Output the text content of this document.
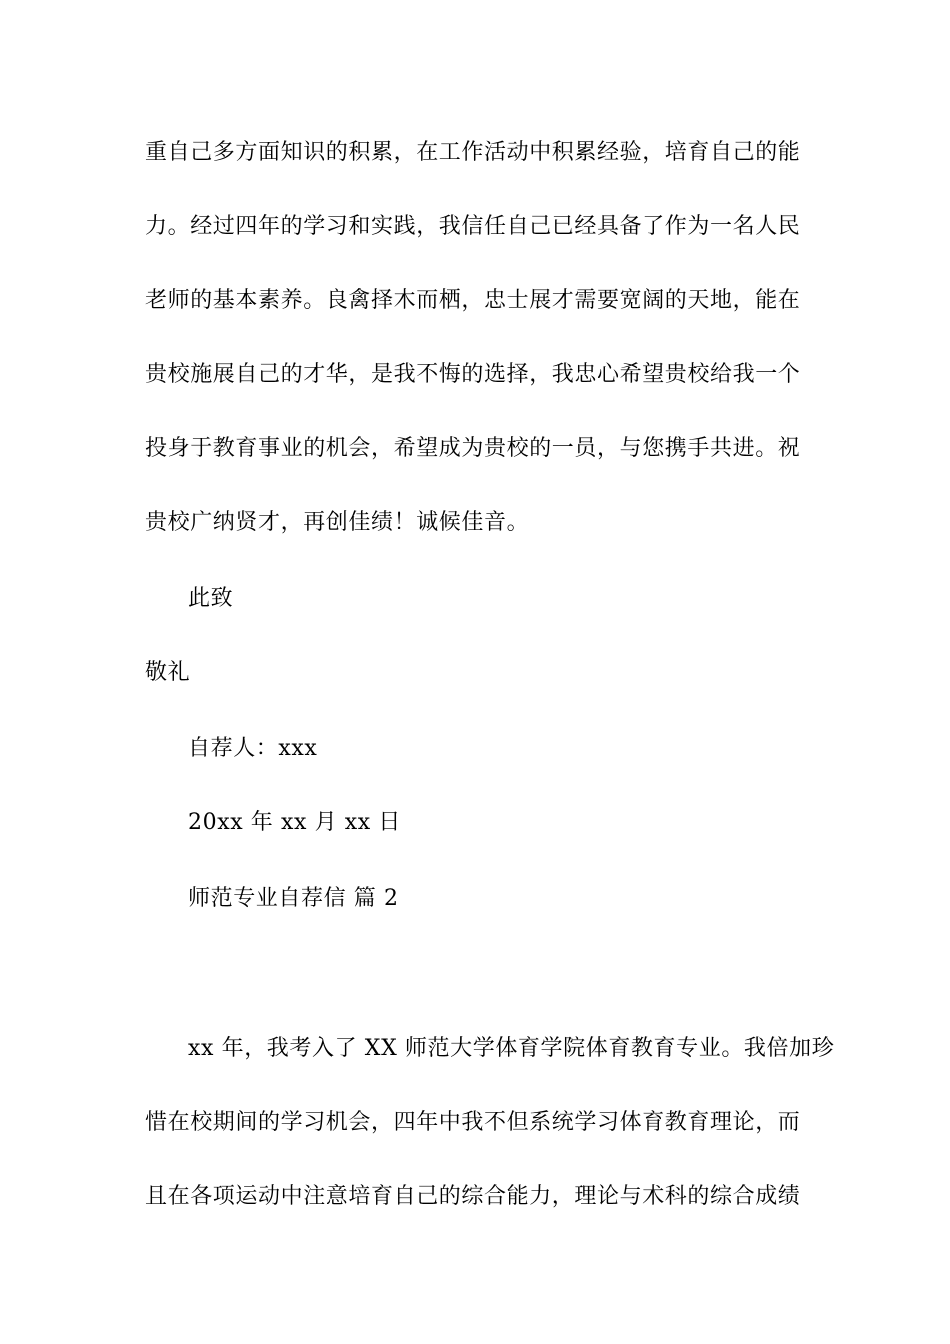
重自己多方面知识的积累，在工作活动中积累经验，培育自己的能
力。经过四年的学习和实践，我信任自己已经具备了作为一名人民
老师的基本素养。良禽择木而栖，忠士展才需要宽阔的天地，能在
贵校施展自己的才华，是我不悔的选择，我忠心希望贵校给我一个
投身于教育事业的机会，希望成为贵校的一员，与您携手共进。祝
贵校广纳贤才，再创佳绩！诚候佳音。
此致
敬礼
自荐人：xxx
20xx 年 xx 月 xx 日
师范专业自荐信 篇 2
xx 年，我考入了 XX 师范大学体育学院体育教育专业。我倍加珍
惜在校期间的学习机会，四年中我不但系统学习体育教育理论，而
且在各项运动中注意培育自己的综合能力，理论与术科的综合成绩
